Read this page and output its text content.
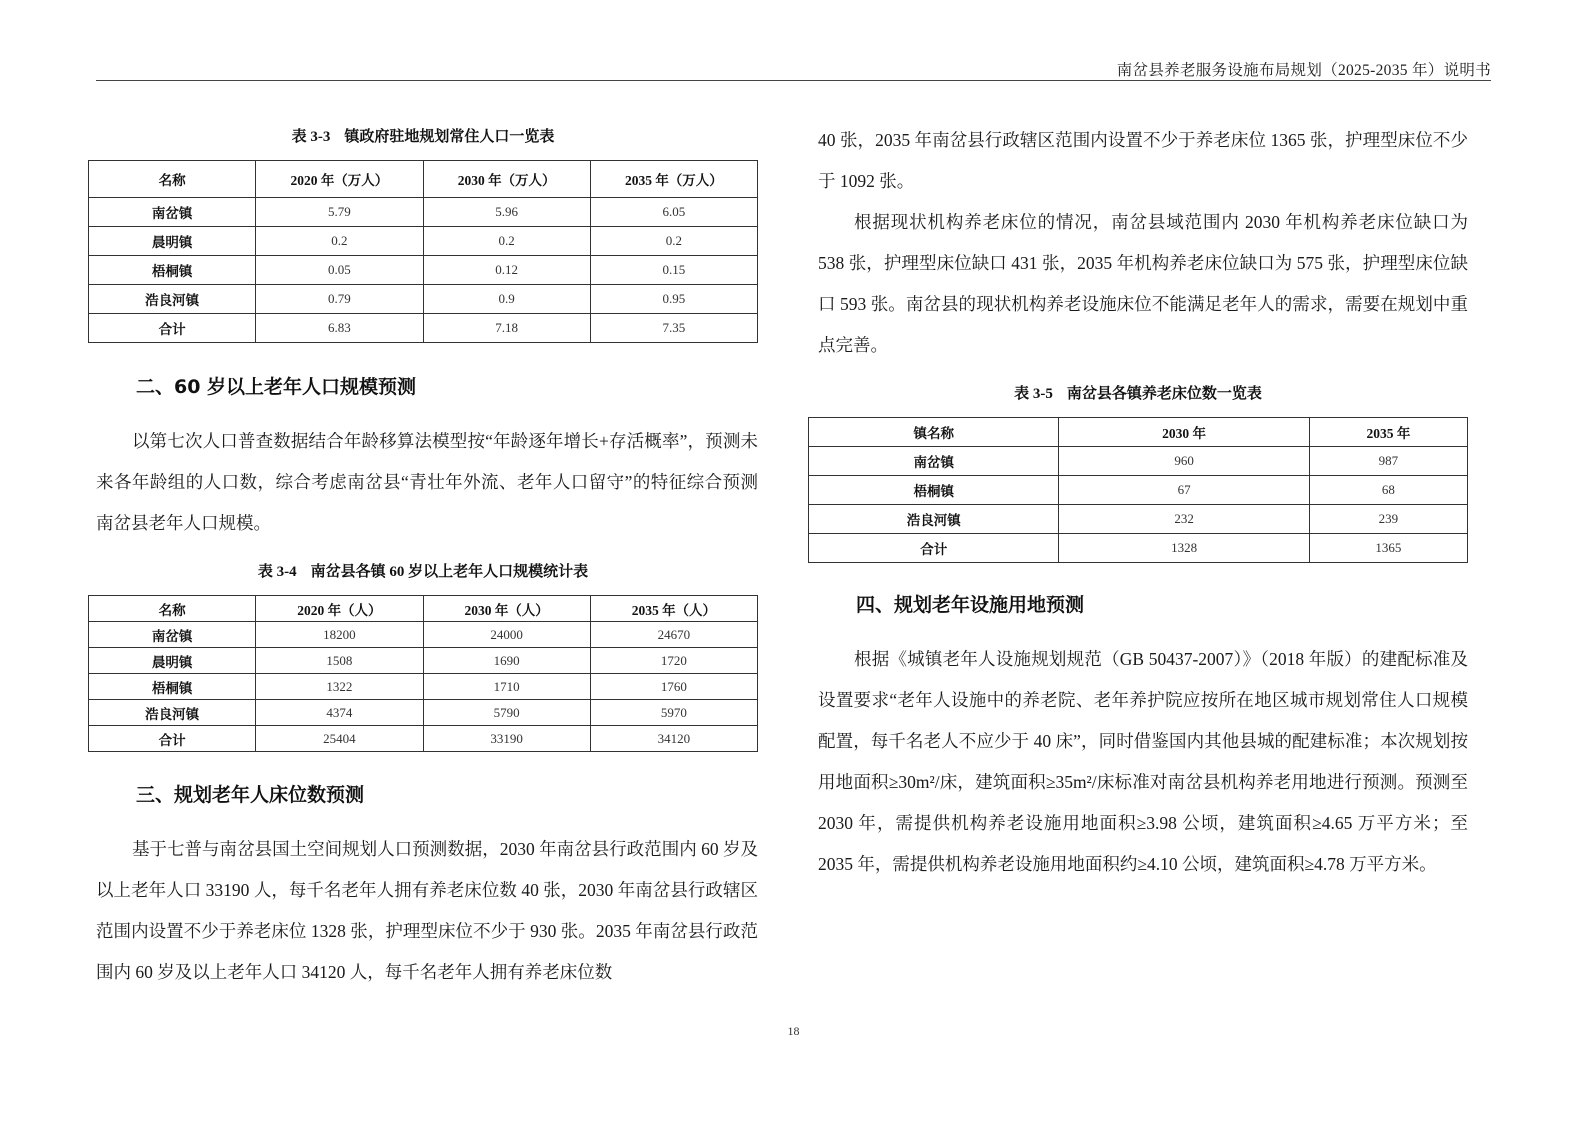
南岔县养老服务设施布局规划（2025-2035 年）说明书
表 3-3 镇政府驻地规划常住人口一览表
名称	2020 年（万人）	2030 年（万人）	2035 年（万人）
南岔镇	5.79	5.96	6.05
晨明镇	0.2	0.2	0.2
梧桐镇	0.05	0.12	0.15
浩良河镇	0.79	0.9	0.95
合计	6.83	7.18	7.35
二、60 岁以上老年人口规模预测
以第七次人口普查数据结合年龄移算法模型按“年龄逐年增长+存活概率”，预测未来各年龄组的人口数，综合考虑南岔县“青壮年外流、老年人口留守”的特征综合预测南岔县老年人口规模。
表 3-4 南岔县各镇 60 岁以上老年人口规模统计表
名称	2020 年（人）	2030 年（人）	2035 年（人）
南岔镇	18200	24000	24670
晨明镇	1508	1690	1720
梧桐镇	1322	1710	1760
浩良河镇	4374	5790	5970
合计	25404	33190	34120
三、规划老年人床位数预测
基于七普与南岔县国土空间规划人口预测数据，2030 年南岔县行政范围内 60 岁及以上老年人口 33190 人，每千名老年人拥有养老床位数 40 张，2030 年南岔县行政辖区范围内设置不少于养老床位 1328 张，护理型床位不少于 930 张。2035 年南岔县行政范围内 60 岁及以上老年人口 34120 人，每千名老年人拥有养老床位数
40 张，2035 年南岔县行政辖区范围内设置不少于养老床位 1365 张，护理型床位不少于 1092 张。
根据现状机构养老床位的情况，南岔县域范围内 2030 年机构养老床位缺口为 538 张，护理型床位缺口 431 张，2035 年机构养老床位缺口为 575 张，护理型床位缺口 593 张。南岔县的现状机构养老设施床位不能满足老年人的需求，需要在规划中重点完善。
表 3-5 南岔县各镇养老床位数一览表
镇名称	2030 年	2035 年
南岔镇	960	987
梧桐镇	67	68
浩良河镇	232	239
合计	1328	1365
四、规划老年设施用地预测
根据《城镇老年人设施规划规范（GB 50437-2007）》（2018 年版）的建配标准及设置要求“老年人设施中的养老院、老年养护院应按所在地区城市规划常住人口规模配置，每千名老人不应少于 40 床”，同时借鉴国内其他县城的配建标准；本次规划按用地面积≥30m²/床，建筑面积≥35m²/床标准对南岔县机构养老用地进行预测。预测至 2030 年，需提供机构养老设施用地面积≥3.98 公顷，建筑面积≥4.65 万平方米；至 2035 年，需提供机构养老设施用地面积约≥4.10 公顷，建筑面积≥4.78 万平方米。
18
